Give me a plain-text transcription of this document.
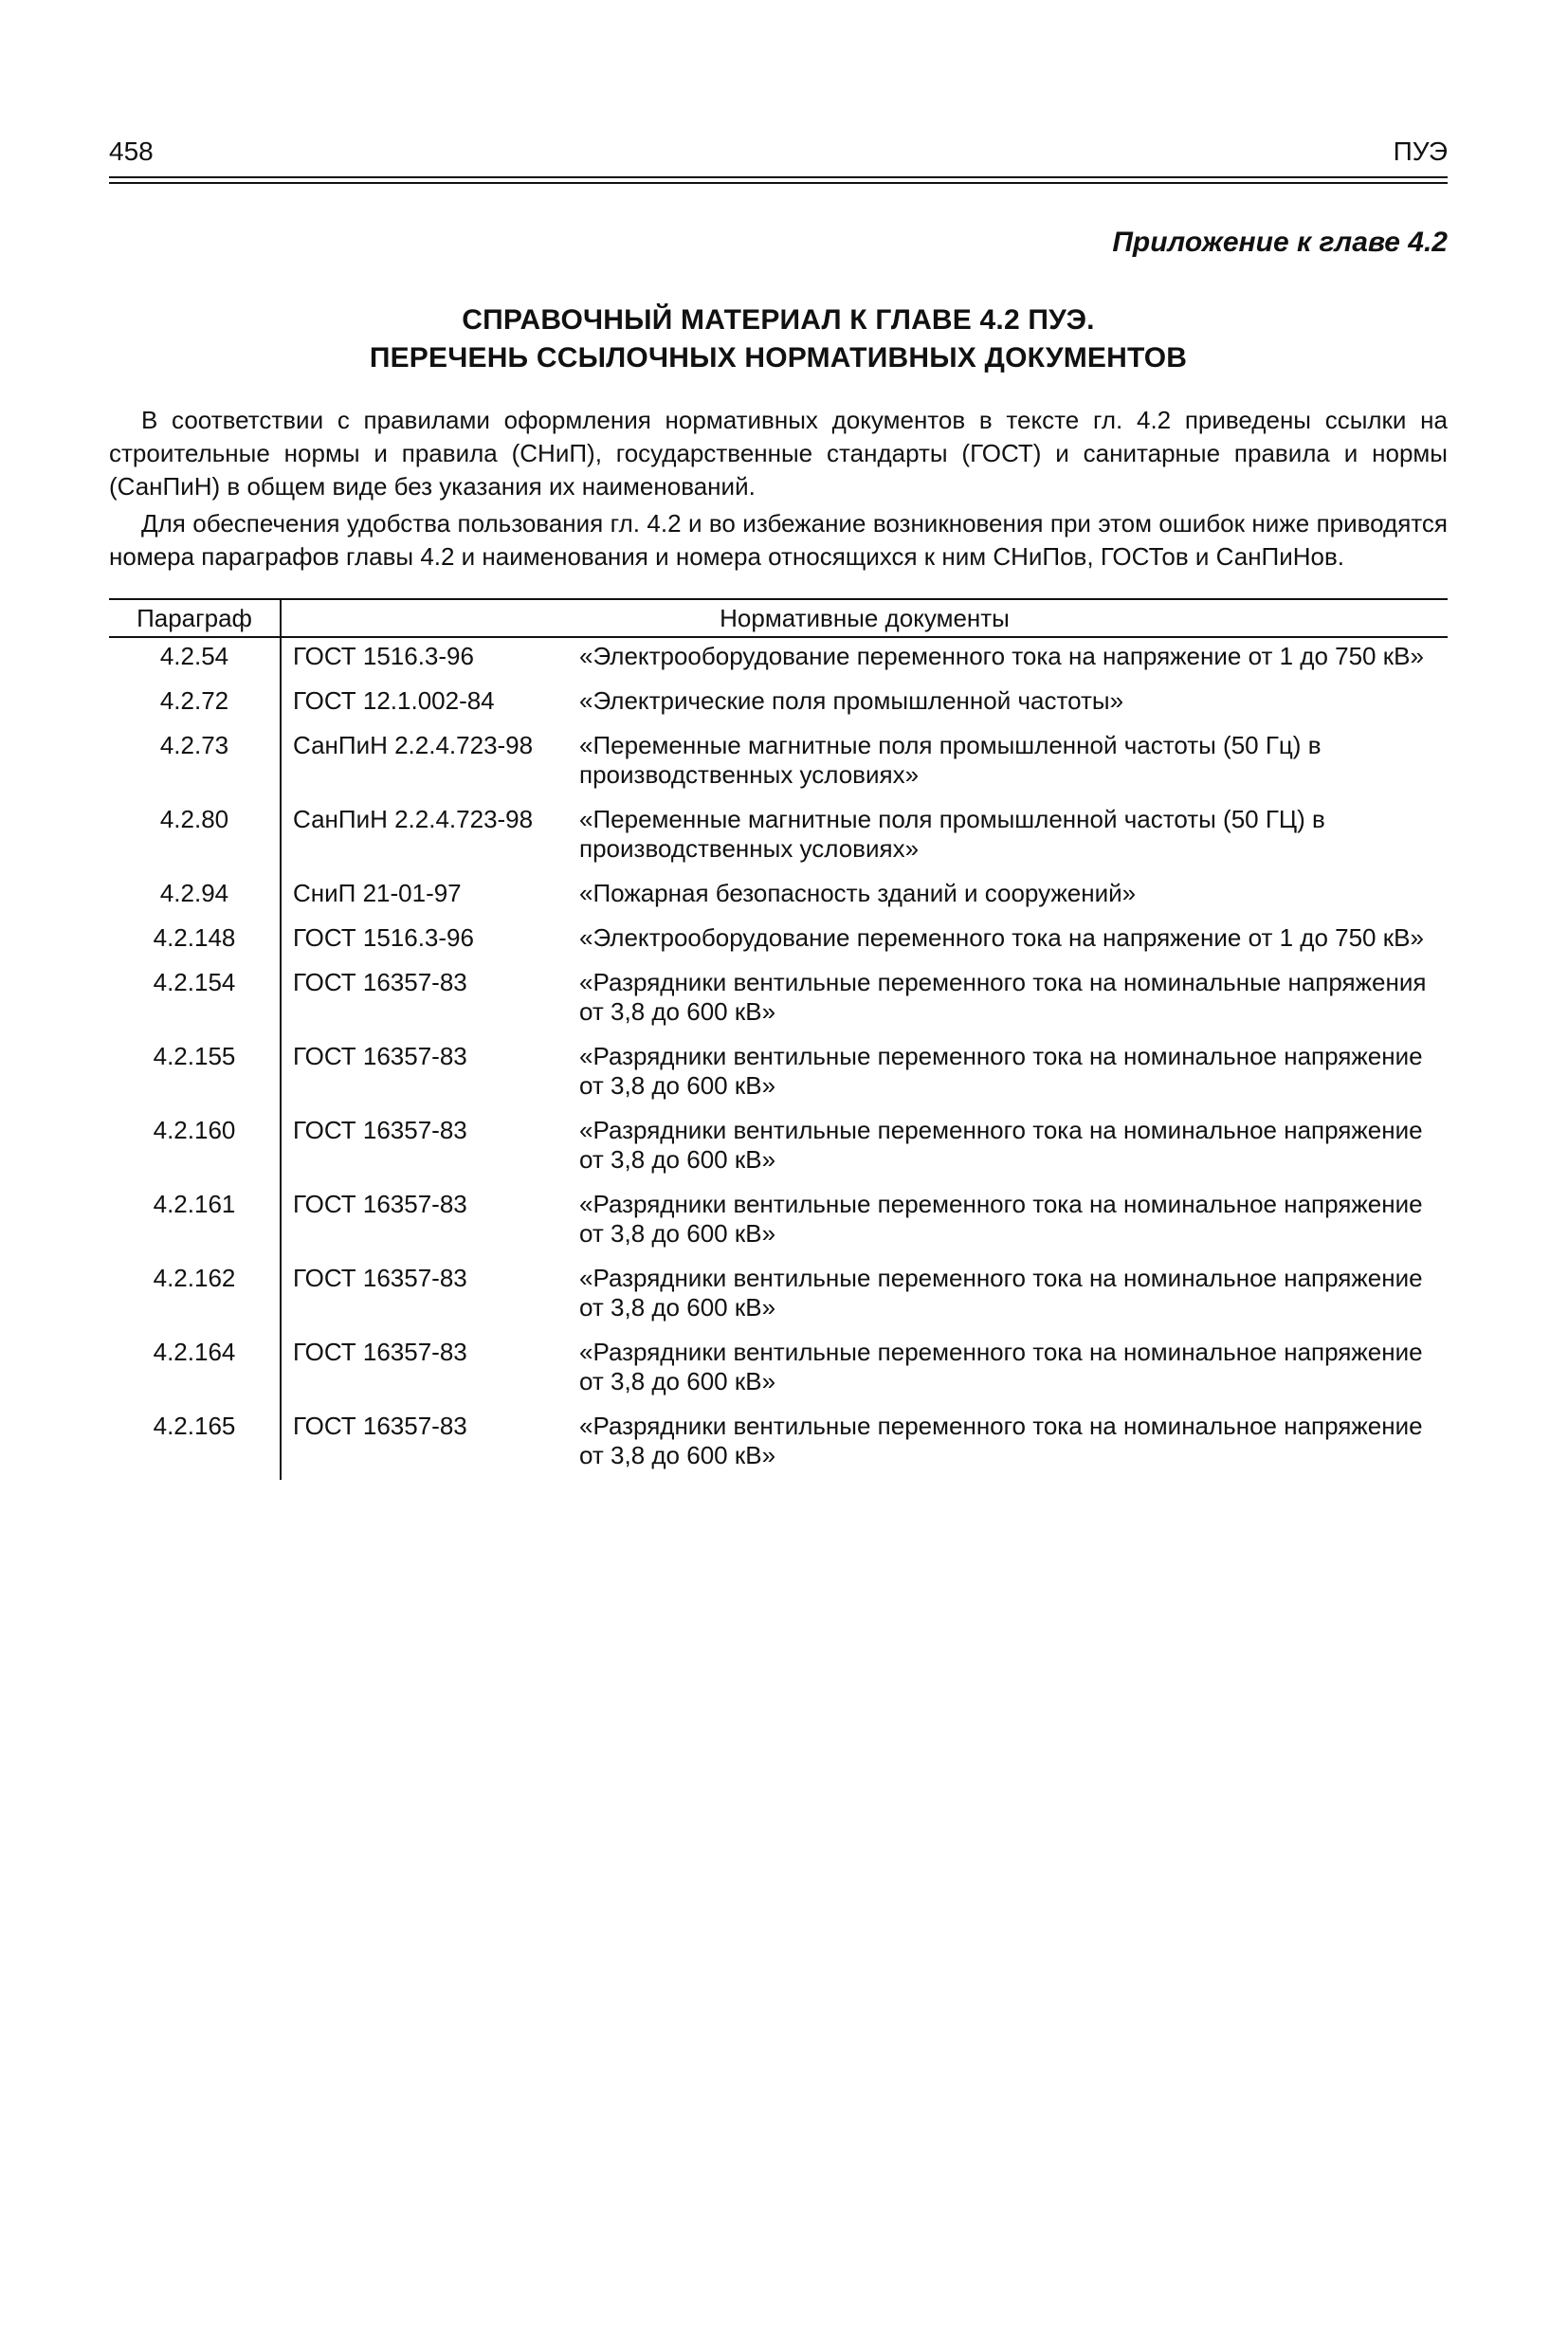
458	ПУЭ
Приложение к главе 4.2
СПРАВОЧНЫЙ МАТЕРИАЛ К ГЛАВЕ 4.2 ПУЭ.
ПЕРЕЧЕНЬ ССЫЛОЧНЫХ НОРМАТИВНЫХ ДОКУМЕНТОВ

В соответствии с правилами оформления нормативных документов в тексте гл. 4.2 приведены ссылки на строительные нормы и правила (СНиП), государственные стандарты (ГОСТ) и санитарные правила и нормы (СанПиН) в общем виде без указания их наименований.

Для обеспечения удобства пользования гл. 4.2 и во избежание возникновения при этом ошибок ниже приводятся номера параграфов главы 4.2 и наименования и номера относящихся к ним СНиПов, ГОСТов и СанПиНов.

Параграф	Нормативные документы	
4.2.54	ГОСТ 1516.3-96	«Электрооборудование переменного тока на напряжение от 1 до 750 кВ»
4.2.72	ГОСТ 12.1.002-84	«Электрические поля промышленной частоты»
4.2.73	СанПиН 2.2.4.723-98	«Переменные магнитные поля промышленной частоты (50 Гц) в производственных условиях»
4.2.80	СанПиН 2.2.4.723-98	«Переменные магнитные поля промышленной частоты (50 ГЦ) в производственных условиях»
4.2.94	СниП 21-01-97	«Пожарная безопасность зданий и сооружений»
4.2.148	ГОСТ 1516.3-96	«Электрооборудование переменного тока на напряжение от 1 до 750 кВ»
4.2.154	ГОСТ 16357-83	«Разрядники вентильные переменного тока на номинальные напряжения от 3,8 до 600 кВ»
4.2.155	ГОСТ 16357-83	«Разрядники вентильные переменного тока на номинальное напряжение от 3,8 до 600 кВ»
4.2.160	ГОСТ 16357-83	«Разрядники вентильные переменного тока на номинальное напряжение от 3,8 до 600 кВ»
4.2.161	ГОСТ 16357-83	«Разрядники вентильные переменного тока на номинальное напряжение от 3,8 до 600 кВ»
4.2.162	ГОСТ 16357-83	«Разрядники вентильные переменного тока на номинальное напряжение от 3,8 до 600 кВ»
4.2.164	ГОСТ 16357-83	«Разрядники вентильные переменного тока на номинальное напряжение от 3,8 до 600 кВ»
4.2.165	ГОСТ 16357-83	«Разрядники вентильные переменного тока на номинальное напряжение от 3,8 до 600 кВ»
